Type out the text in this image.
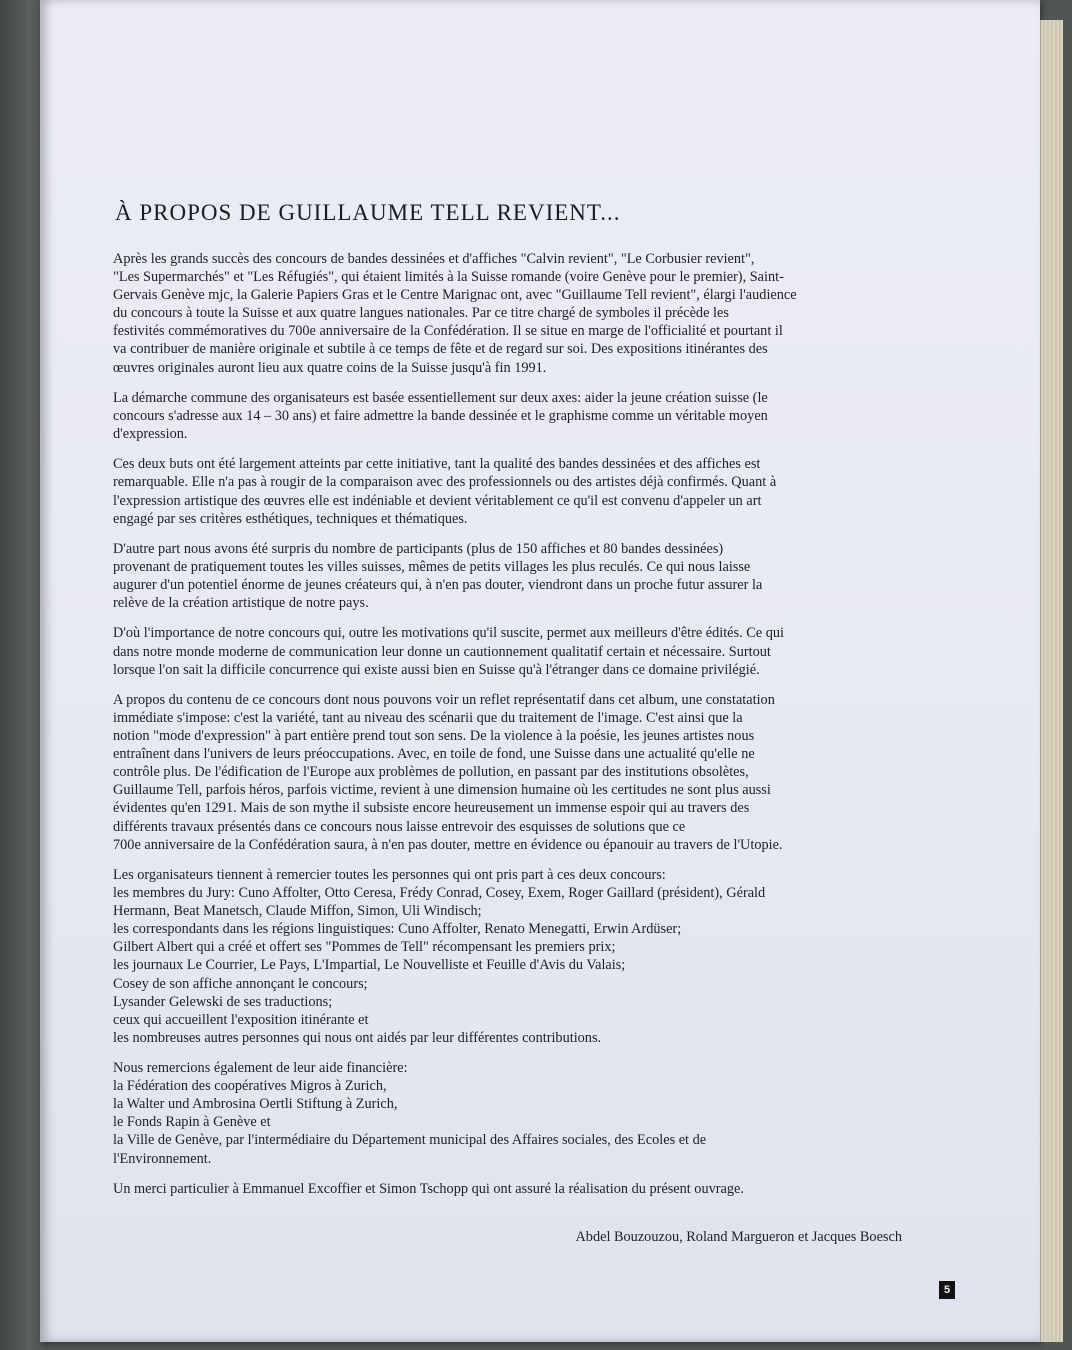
À PROPOS DE GUILLAUME TELL REVIENT...

Après les grands succès des concours de bandes dessinées et d'affiches "Calvin revient", "Le Corbusier revient",
"Les Supermarchés" et "Les Réfugiés", qui étaient limités à la Suisse romande (voire Genève pour le premier), Saint-
Gervais Genève mjc, la Galerie Papiers Gras et le Centre Marignac ont, avec "Guillaume Tell revient", élargi l'audience
du concours à toute la Suisse et aux quatre langues nationales. Par ce titre chargé de symboles il précède les
festivités commémoratives du 700e anniversaire de la Confédération. Il se situe en marge de l'officialité et pourtant il
va contribuer de manière originale et subtile à ce temps de fête et de regard sur soi. Des expositions itinérantes des
œuvres originales auront lieu aux quatre coins de la Suisse jusqu'à fin 1991.

La démarche commune des organisateurs est basée essentiellement sur deux axes: aider la jeune création suisse (le
concours s'adresse aux 14 – 30 ans) et faire admettre la bande dessinée et le graphisme comme un véritable moyen
d'expression.

Ces deux buts ont été largement atteints par cette initiative, tant la qualité des bandes dessinées et des affiches est
remarquable. Elle n'a pas à rougir de la comparaison avec des professionnels ou des artistes déjà confirmés. Quant à
l'expression artistique des œuvres elle est indéniable et devient véritablement ce qu'il est convenu d'appeler un art
engagé par ses critères esthétiques, techniques et thématiques.

D'autre part nous avons été surpris du nombre de participants (plus de 150 affiches et 80 bandes dessinées)
provenant de pratiquement toutes les villes suisses, mêmes de petits villages les plus reculés. Ce qui nous laisse
augurer d'un potentiel énorme de jeunes créateurs qui, à n'en pas douter, viendront dans un proche futur assurer la
relève de la création artistique de notre pays.

D'où l'importance de notre concours qui, outre les motivations qu'il suscite, permet aux meilleurs d'être édités. Ce qui
dans notre monde moderne de communication leur donne un cautionnement qualitatif certain et nécessaire. Surtout
lorsque l'on sait la difficile concurrence qui existe aussi bien en Suisse qu'à l'étranger dans ce domaine privilégié.

A propos du contenu de ce concours dont nous pouvons voir un reflet représentatif dans cet album, une constatation
immédiate s'impose: c'est la variété, tant au niveau des scénarii que du traitement de l'image. C'est ainsi que la
notion "mode d'expression" à part entière prend tout son sens. De la violence à la poésie, les jeunes artistes nous
entraînent dans l'univers de leurs préoccupations. Avec, en toile de fond, une Suisse dans une actualité qu'elle ne
contrôle plus. De l'édification de l'Europe aux problèmes de pollution, en passant par des institutions obsolètes,
Guillaume Tell, parfois héros, parfois victime, revient à une dimension humaine où les certitudes ne sont plus aussi
évidentes qu'en 1291. Mais de son mythe il subsiste encore heureusement un immense espoir qui au travers des
différents travaux présentés dans ce concours nous laisse entrevoir des esquisses de solutions que ce
700e anniversaire de la Confédération saura, à n'en pas douter, mettre en évidence ou épanouir au travers de l'Utopie.

Les organisateurs tiennent à remercier toutes les personnes qui ont pris part à ces deux concours:
les membres du Jury: Cuno Affolter, Otto Ceresa, Frédy Conrad, Cosey, Exem, Roger Gaillard (président), Gérald
Hermann, Beat Manetsch, Claude Miffon, Simon, Uli Windisch;
les correspondants dans les régions linguistiques: Cuno Affolter, Renato Menegatti, Erwin Ardüser;
Gilbert Albert qui a créé et offert ses "Pommes de Tell" récompensant les premiers prix;
les journaux Le Courrier, Le Pays, L'Impartial, Le Nouvelliste et Feuille d'Avis du Valais;
Cosey de son affiche annonçant le concours;
Lysander Gelewski de ses traductions;
ceux qui accueillent l'exposition itinérante et
les nombreuses autres personnes qui nous ont aidés par leur différentes contributions.

Nous remercions également de leur aide financière:
la Fédération des coopératives Migros à Zurich,
la Walter und Ambrosina Oertli Stiftung à Zurich,
le Fonds Rapin à Genève et
la Ville de Genève, par l'intermédiaire du Département municipal des Affaires sociales, des Ecoles et de
l'Environnement.

Un merci particulier à Emmanuel Excoffier et Simon Tschopp qui ont assuré la réalisation du présent ouvrage.

Abdel Bouzouzou, Roland Margueron et Jacques Boesch
5
